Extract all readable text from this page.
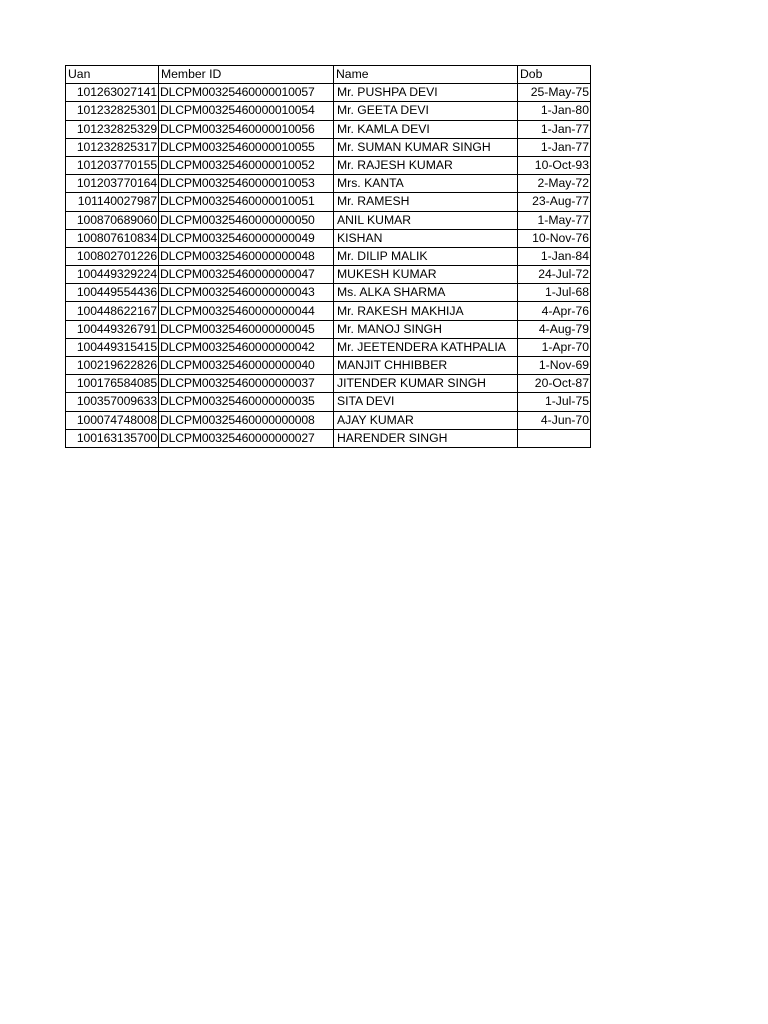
Uan	Member ID	Name	Dob
101263027141	DLCPM00325460000010057	Mr. PUSHPA DEVI	25-May-75
101232825301	DLCPM00325460000010054	Mr. GEETA DEVI	1-Jan-80
101232825329	DLCPM00325460000010056	Mr. KAMLA DEVI	1-Jan-77
101232825317	DLCPM00325460000010055	Mr. SUMAN KUMAR SINGH	1-Jan-77
101203770155	DLCPM00325460000010052	Mr. RAJESH KUMAR	10-Oct-93
101203770164	DLCPM00325460000010053	Mrs. KANTA	2-May-72
101140027987	DLCPM00325460000010051	Mr. RAMESH	23-Aug-77
100870689060	DLCPM00325460000000050	ANIL KUMAR	1-May-77
100807610834	DLCPM00325460000000049	KISHAN	10-Nov-76
100802701226	DLCPM00325460000000048	Mr. DILIP MALIK	1-Jan-84
100449329224	DLCPM00325460000000047	MUKESH KUMAR	24-Jul-72
100449554436	DLCPM00325460000000043	Ms. ALKA SHARMA	1-Jul-68
100448622167	DLCPM00325460000000044	Mr. RAKESH MAKHIJA	4-Apr-76
100449326791	DLCPM00325460000000045	Mr. MANOJ SINGH	4-Aug-79
100449315415	DLCPM00325460000000042	Mr. JEETENDERA KATHPALIA	1-Apr-70
100219622826	DLCPM00325460000000040	MANJIT CHHIBBER	1-Nov-69
100176584085	DLCPM00325460000000037	JITENDER KUMAR SINGH	20-Oct-87
100357009633	DLCPM00325460000000035	SITA DEVI	1-Jul-75
100074748008	DLCPM00325460000000008	AJAY KUMAR	4-Jun-70
100163135700	DLCPM00325460000000027	HARENDER SINGH	
